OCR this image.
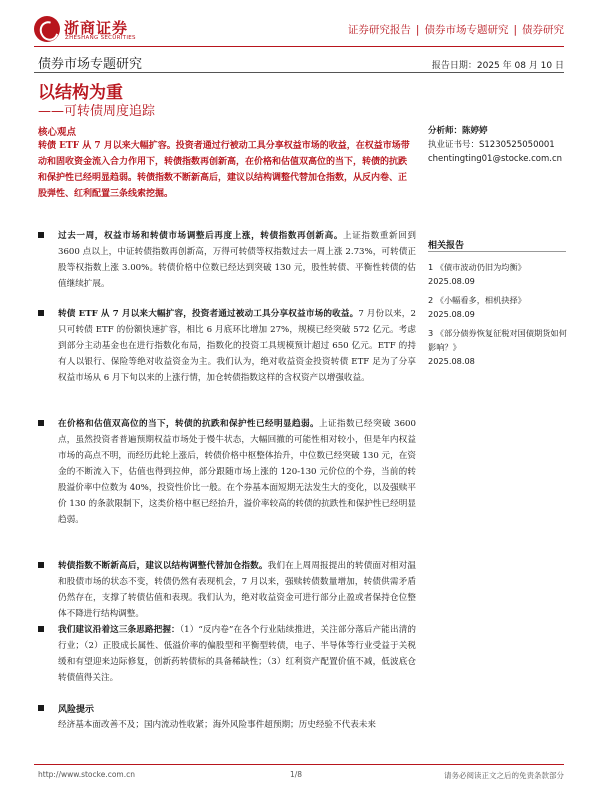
浙商证券
ZHESHANG SECURITIES
证券研究报告 | 债券市场专题研究 | 债券研究
债券市场专题研究	报告日期：2025 年 08 月 10 日
以结构为重
——可转债周度追踪
核心观点
转债 ETF 从 7 月以来大幅扩容。投资者通过行被动工具分享权益市场的收益，在权益市场带动和固收资金流入合力作用下，转债指数再创新高，在价格和估值双高位的当下，转债的抗跌和保护性已经明显趋弱。转债指数不断新高后，建议以结构调整代替加仓指数，从反内卷、正股弹性、红利配置三条线索挖掘。
过去一周，权益市场和转债市场调整后再度上涨，转债指数再创新高。上证指数重新回到 3600 点以上，中证转债指数再创新高，万得可转债等权指数过去一周上涨 2.73%，可转债正股等权指数上涨 3.00%。转债价格中位数已经达到突破 130 元，股性转债、平衡性转债的估值继续扩展。
转债 ETF 从 7 月以来大幅扩容，投资者通过被动工具分享权益市场的收益。7 月份以来，2 只可转债 ETF 的份额快速扩容，相比 6 月底环比增加 27%，规模已经突破 572 亿元。考虑到部分主动基金也在进行指数化布局，指数化的投资工具规模预计超过 650 亿元。ETF 的持有人以银行、保险等绝对收益资金为主。我们认为，绝对收益资金投资转债 ETF 足为了分享权益市场从 6 月下旬以来的上涨行情，加仓转债指数这样的含权资产以增强收益。
在价格和估值双高位的当下，转债的抗跌和保护性已经明显趋弱。上证指数已经突破 3600 点，虽然投资者普遍预期权益市场处于慢牛状态，大幅回撤的可能性相对较小，但是年内权益市场的高点不明，而经历此轮上涨后，转债价格中枢整体抬升，中位数已经突破 130 元，在资金的不断流入下，估值也得到拉伸，部分跟随市场上涨的 120-130 元价位的个券，当前的转股溢价率中位数为 40%，投资性价比一般。在个券基本面短期无法发生大的变化，以及强赎平价 130 的条款限制下，这类价格中枢已经抬升，溢价率较高的转债的抗跌性和保护性已经明显趋弱。
转债指数不断新高后，建议以结构调整代替加仓指数。我们在上周周报提出的转债面对相对温和股债市场的状态不变，转债仍然有表现机会，7 月以来，强赎转债数量增加，转债供需矛盾仍然存在，支撑了转债估值和表现。我们认为，绝对收益资金可进行部分止盈或者保持仓位整体不降进行结构调整。
我们建议沿着这三条思路把握：（1）“反内卷”在各个行业陆续推进，关注部分落后产能出清的行业；（2）正股成长属性、低溢价率的偏股型和平衡型转债，电子、半导体等行业受益于关税缓和有望迎来边际修复，创新药转债标的具备稀缺性；（3）红利资产配置价值不减，低波底仓转债值得关注。
风险提示
经济基本面改善不及；国内流动性收紧；海外风险事件超预期；历史经验不代表未来
分析师：陈婷婷
执业证书号：S1230525050001
chentingting01@stocke.com.cn
相关报告
1 《债市波动仍旧为均衡》
2025.08.09
2 《小幅看多，相机抉择》
2025.08.09
3 《部分债券恢复征税对国债期货如何影响？》
2025.08.08
http://www.stocke.com.cn	1/8	请务必阅读正文之后的免责条款部分
